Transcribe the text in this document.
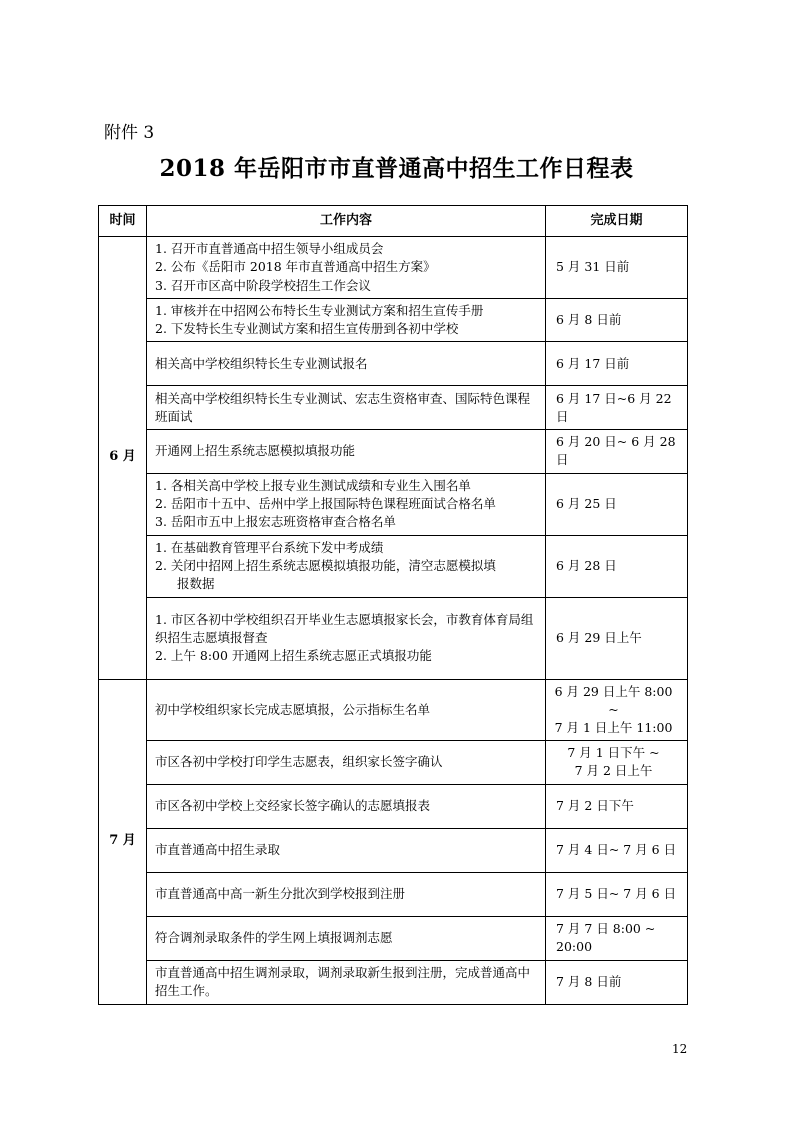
附件 3
2018 年岳阳市市直普通高中招生工作日程表
时间	工作内容	完成日期
6 月	1. 召开市直普通高中招生领导小组成员会
2. 公布《岳阳市 2018 年市直普通高中招生方案》
3. 召开市区高中阶段学校招生工作会议	5 月 31 日前

	1. 审核并在中招网公布特长生专业测试方案和招生宣传手册
2. 下发特长生专业测试方案和招生宣传册到各初中学校	6 月 8 日前

	相关高中学校组织特长生专业测试报名	6 月 17 日前

	相关高中学校组织特长生专业测试、宏志生资格审查、国际特色课程班面试	6 月 17 日~6 月 22 日

	开通网上招生系统志愿模拟填报功能	6 月 20 日~ 6 月 28 日

	1. 各相关高中学校上报专业生测试成绩和专业生入围名单
2. 岳阳市十五中、岳州中学上报国际特色课程班面试合格名单
3. 岳阳市五中上报宏志班资格审查合格名单	6 月 25 日

	1. 在基础教育管理平台系统下发中考成绩
2. 关闭中招网上招生系统志愿模拟填报功能，清空志愿模拟填
报数据	6 月 28 日

	1. 市区各初中学校组织召开毕业生志愿填报家长会，市教育体育局组织招生志愿填报督查
2. 上午 8:00 开通网上招生系统志愿正式填报功能	6 月 29 日上午
7 月	初中学校组织家长完成志愿填报，公示指标生名单	6 月 29 日上午 8:00 ~
7 月 1 日上午 11:00

	市区各初中学校打印学生志愿表，组织家长签字确认	7 月 1 日下午 ~
7 月 2 日上午

	市区各初中学校上交经家长签字确认的志愿填报表	7 月 2 日下午

	市直普通高中招生录取	7 月 4 日~ 7 月 6 日

	市直普通高中高一新生分批次到学校报到注册	7 月 5 日~ 7 月 6 日

	符合调剂录取条件的学生网上填报调剂志愿	7 月 7 日 8:00 ~ 20:00

	市直普通高中招生调剂录取，调剂录取新生报到注册，完成普通高中招生工作。	7 月 8 日前
12
